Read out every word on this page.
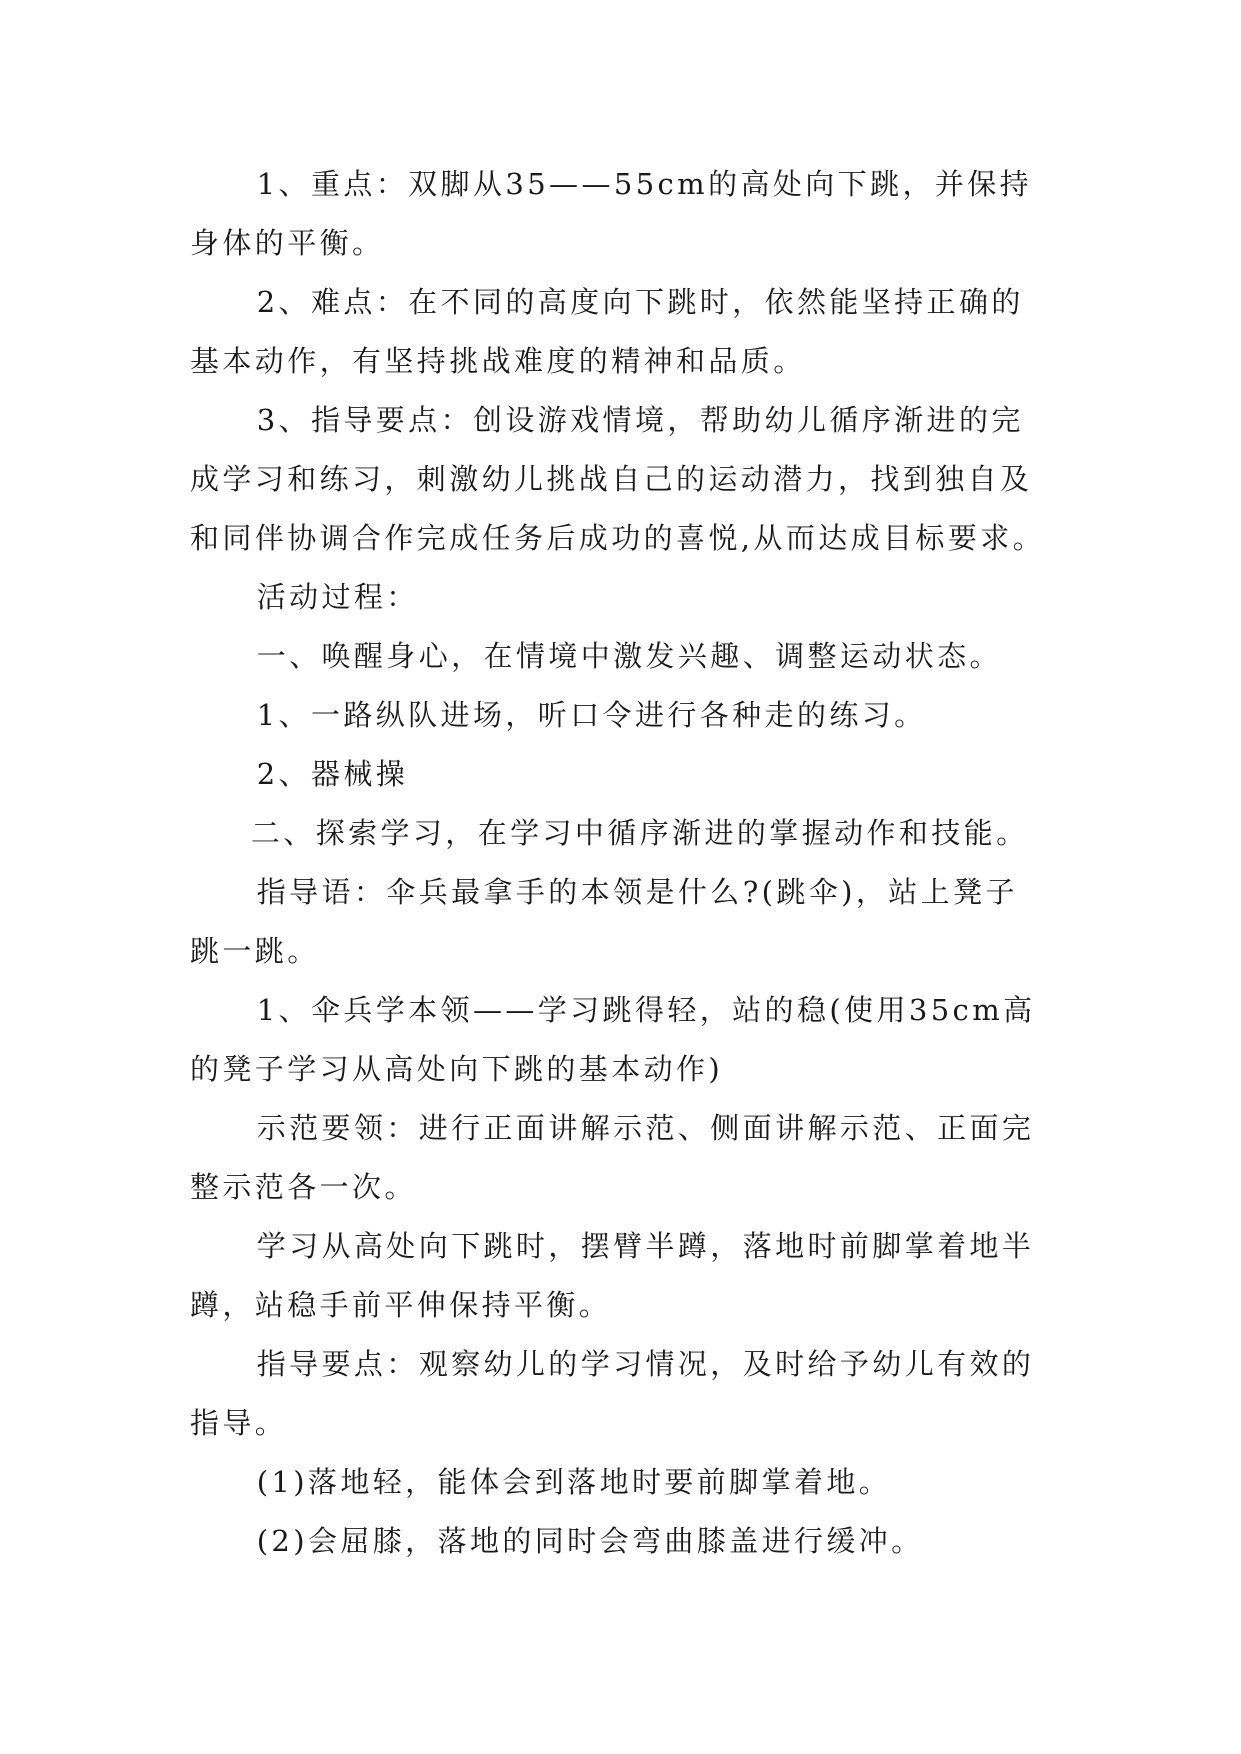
1、重点：双脚从35——55cm的高处向下跳，并保持身体的平衡。

2、难点：在不同的高度向下跳时，依然能坚持正确的基本动作，有坚持挑战难度的精神和品质。

3、指导要点：创设游戏情境，帮助幼儿循序渐进的完成学习和练习，刺激幼儿挑战自己的运动潜力，找到独自及和同伴协调合作完成任务后成功的喜悦,从而达成目标要求。

活动过程：

一、唤醒身心，在情境中激发兴趣、调整运动状态。

1、一路纵队进场，听口令进行各种走的练习。

2、器械操

二、探索学习，在学习中循序渐进的掌握动作和技能。

指导语：伞兵最拿手的本领是什么?(跳伞)，站上凳子跳一跳。

1、伞兵学本领——学习跳得轻，站的稳(使用35cm高的凳子学习从高处向下跳的基本动作)

示范要领：进行正面讲解示范、侧面讲解示范、正面完整示范各一次。

学习从高处向下跳时，摆臂半蹲，落地时前脚掌着地半蹲，站稳手前平伸保持平衡。

指导要点：观察幼儿的学习情况，及时给予幼儿有效的指导。

(1)落地轻，能体会到落地时要前脚掌着地。

(2)会屈膝，落地的同时会弯曲膝盖进行缓冲。
